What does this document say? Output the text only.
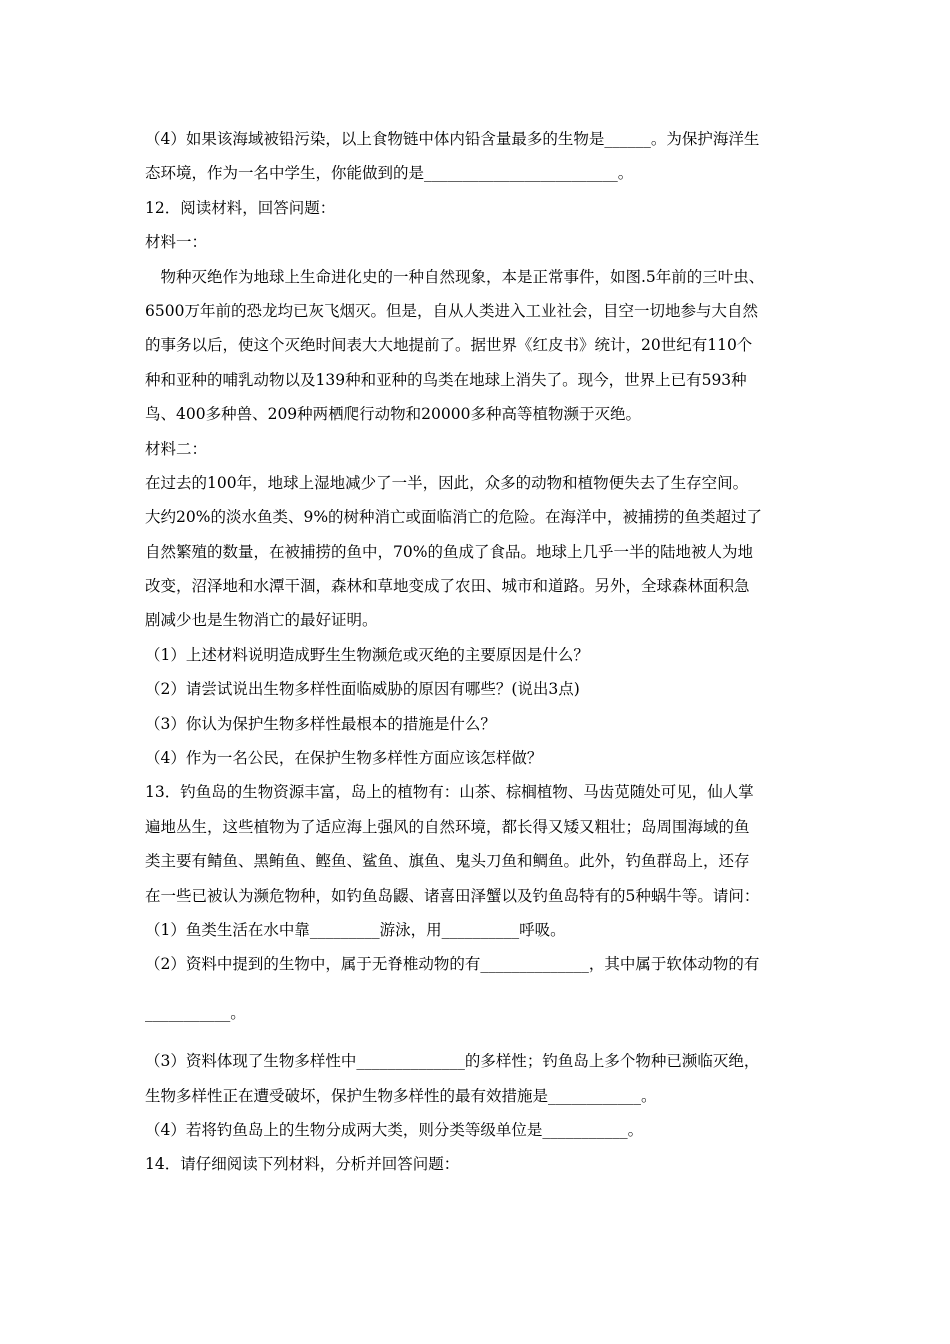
（4）如果该海域被铅污染，以上食物链中体内铅含量最多的生物是______。为保护海洋生
态环境，作为一名中学生，你能做到的是_________________________。
12．阅读材料，回答问题：
材料一：
　物种灭绝作为地球上生命进化史的一种自然现象，本是正常事件，如图.5年前的三叶虫、
6500万年前的恐龙均已灰飞烟灭。但是，自从人类进入工业社会，目空一切地参与大自然
的事务以后，使这个灭绝时间表大大地提前了。据世界《红皮书》统计，20世纪有110个
种和亚种的哺乳动物以及139种和亚种的鸟类在地球上消失了。现今，世界上已有593种
鸟、400多种兽、209种两栖爬行动物和20000多种高等植物濒于灭绝。
材料二：
在过去的100年，地球上湿地减少了一半，因此，众多的动物和植物便失去了生存空间。
大约20%的淡水鱼类、9%的树种消亡或面临消亡的危险。在海洋中，被捕捞的鱼类超过了
自然繁殖的数量，在被捕捞的鱼中，70%的鱼成了食品。地球上几乎一半的陆地被人为地
改变，沼泽地和水潭干涸，森林和草地变成了农田、城市和道路。另外，全球森林面积急
剧减少也是生物消亡的最好证明。
（1）上述材料说明造成野生生物濒危或灭绝的主要原因是什么？
（2）请尝试说出生物多样性面临威胁的原因有哪些？(说出3点)
（3）你认为保护生物多样性最根本的措施是什么？
（4）作为一名公民，在保护生物多样性方面应该怎样做？
13．钓鱼岛的生物资源丰富，岛上的植物有：山茶、棕榈植物、马齿苋随处可见，仙人掌
遍地丛生，这些植物为了适应海上强风的自然环境，都长得又矮又粗壮；岛周围海域的鱼
类主要有鲭鱼、黑鲔鱼、鲣鱼、鲨鱼、旗鱼、鬼头刀鱼和鲷鱼。此外，钓鱼群岛上，还存
在一些已被认为濒危物种，如钓鱼岛鼹、诸喜田泽蟹以及钓鱼岛特有的5种蜗牛等。请问：
（1）鱼类生活在水中靠_________游泳，用__________呼吸。
（2）资料中提到的生物中，属于无脊椎动物的有______________，其中属于软体动物的有
___________。
（3）资料体现了生物多样性中______________的多样性；钓鱼岛上多个物种已濒临灭绝，
生物多样性正在遭受破坏，保护生物多样性的最有效措施是____________。
（4）若将钓鱼岛上的生物分成两大类，则分类等级单位是___________。
14．请仔细阅读下列材料，分析并回答问题：
